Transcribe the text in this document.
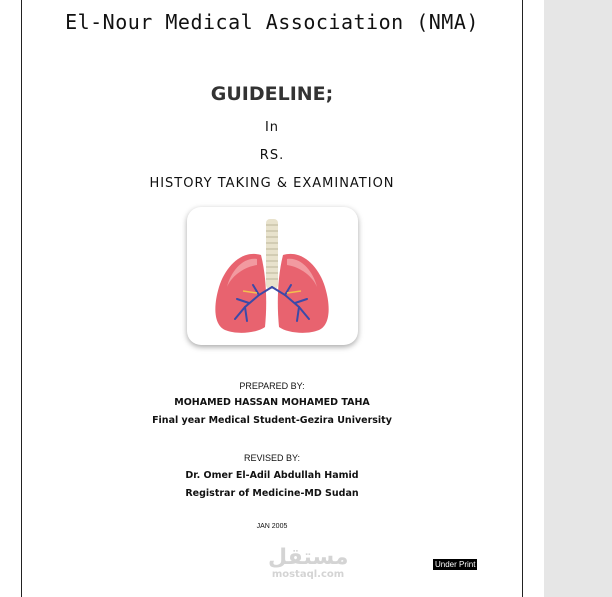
El-Nour Medical Association (NMA)
GUIDELINE;
In
RS.
HISTORY TAKING & EXAMINATION
PREPARED BY:
MOHAMED HASSAN MOHAMED TAHA
Final year Medical Student-Gezira University
REVISED BY:
Dr. Omer El-Adil Abdullah Hamid
Registrar of Medicine-MD Sudan
JAN 2005
مستقل
mostaql.com
Under Print
